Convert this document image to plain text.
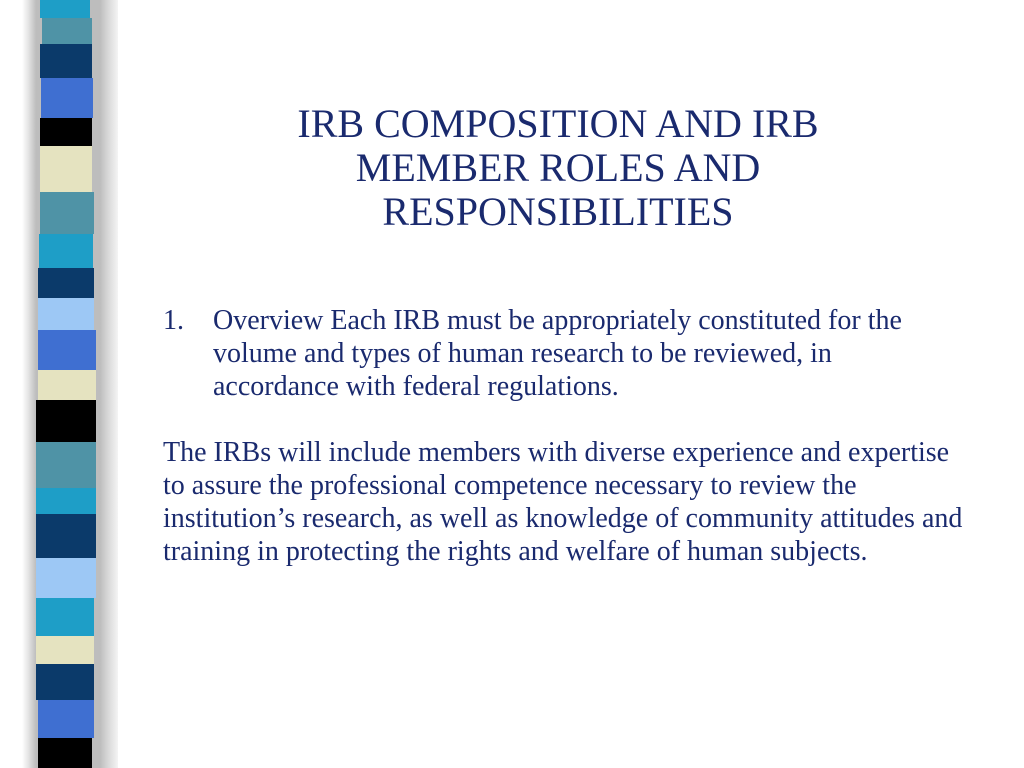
IRB COMPOSITION AND IRB
MEMBER ROLES AND
RESPONSIBILITIES
1. Overview Each IRB must be appropriately constituted for the volume and types of human research to be reviewed, in accordance with federal regulations.
The IRBs will include members with diverse experience and expertise to assure the professional competence necessary to review the institution’s research, as well as knowledge of community attitudes and training in protecting the rights and welfare of human subjects.
